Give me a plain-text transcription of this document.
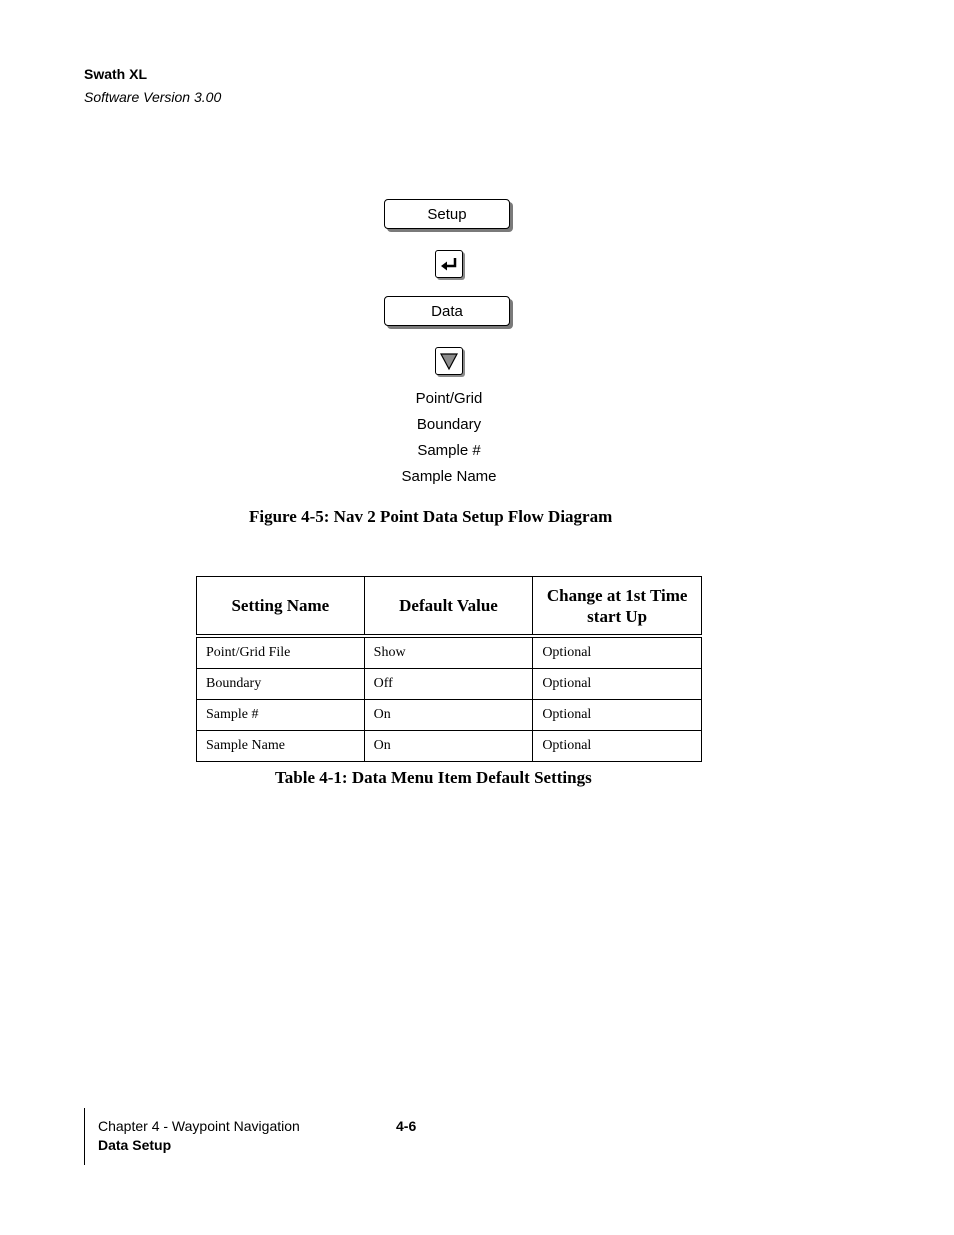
Swath XL
Software Version 3.00
Setup
Data
Point/Grid
Boundary
Sample #
Sample Name
Figure 4-5: Nav 2 Point Data Setup Flow Diagram
Setting Name	Default Value	Change at 1st Time start Up
Point/Grid File	Show	Optional
Boundary	Off	Optional
Sample #	On	Optional
Sample Name	On	Optional
Table 4-1: Data Menu Item Default Settings
Chapter 4 - Waypoint Navigation	4-6
Data Setup
